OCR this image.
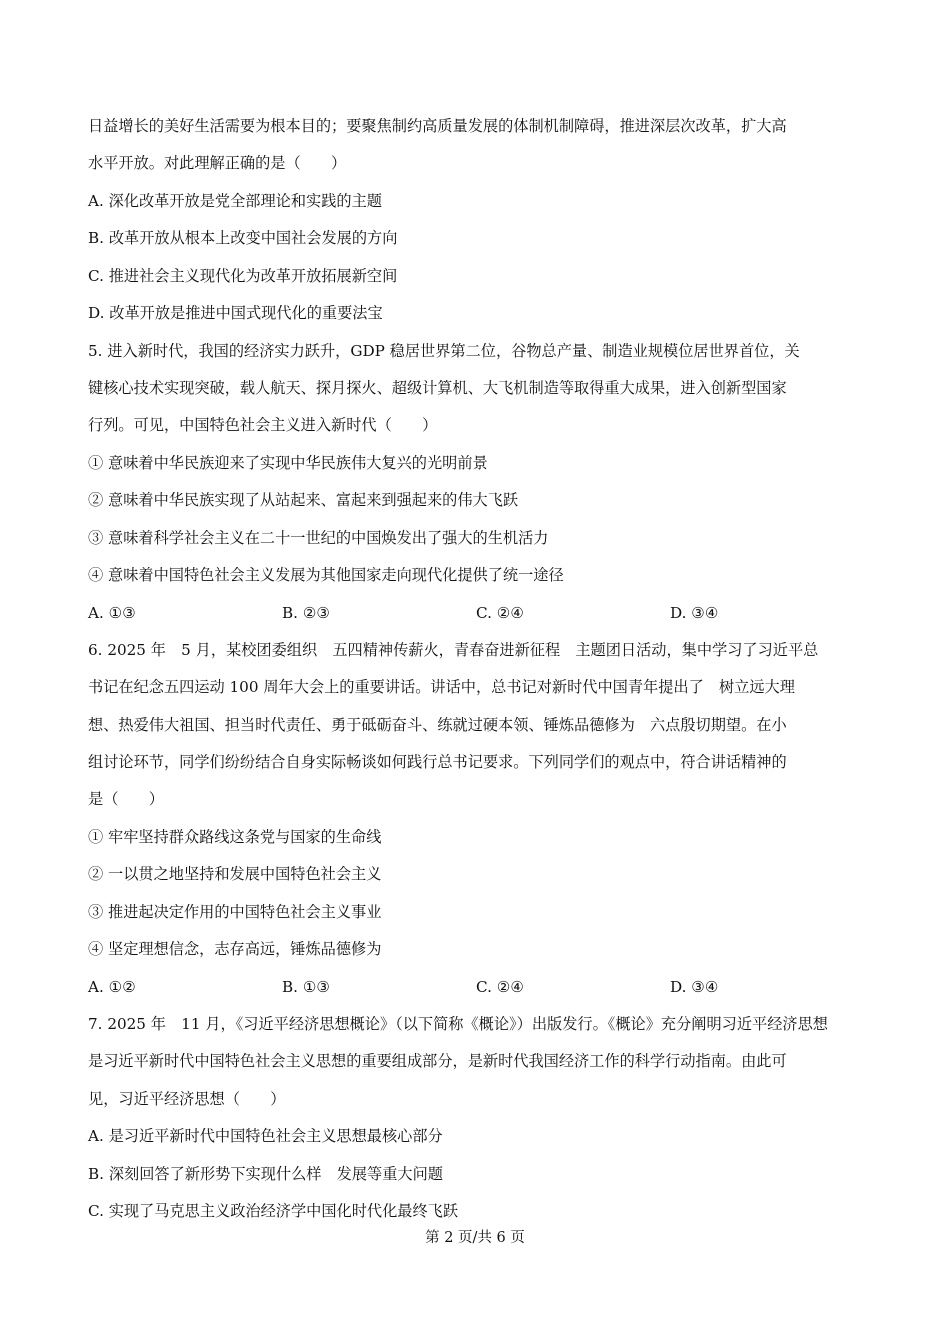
日益增长的美好生活需要为根本目的；要聚焦制约高质量发展的体制机制障碍，推进深层次改革，扩大高
水平开放。对此理解正确的是（　　）
A. 深化改革开放是党全部理论和实践的主题
B. 改革开放从根本上改变中国社会发展的方向
C. 推进社会主义现代化为改革开放拓展新空间
D. 改革开放是推进中国式现代化的重要法宝
5. 进入新时代，我国的经济实力跃升，GDP 稳居世界第二位，谷物总产量、制造业规模位居世界首位，关
键核心技术实现突破，载人航天、探月探火、超级计算机、大飞机制造等取得重大成果，进入创新型国家
行列。可见，中国特色社会主义进入新时代（　　）
① 意味着中华民族迎来了实现中华民族伟大复兴的光明前景
② 意味着中华民族实现了从站起来、富起来到强起来的伟大飞跃
③ 意味着科学社会主义在二十一世纪的中国焕发出了强大的生机活力
④ 意味着中国特色社会主义发展为其他国家走向现代化提供了统一途径
A. ①③	B. ②③	C. ②④	D. ③④
6. 2025 年　5 月，某校团委组织　五四精神传薪火，青春奋进新征程　主题团日活动，集中学习了习近平总
书记在纪念五四运动 100 周年大会上的重要讲话。讲话中，总书记对新时代中国青年提出了　树立远大理
想、热爱伟大祖国、担当时代责任、勇于砥砺奋斗、练就过硬本领、锤炼品德修为　六点殷切期望。在小
组讨论环节，同学们纷纷结合自身实际畅谈如何践行总书记要求。下列同学们的观点中，符合讲话精神的
是（　　）
① 牢牢坚持群众路线这条党与国家的生命线
② 一以贯之地坚持和发展中国特色社会主义
③ 推进起决定作用的中国特色社会主义事业
④ 坚定理想信念，志存高远，锤炼品德修为
A. ①②	B. ①③	C. ②④	D. ③④
7. 2025 年　11 月，《习近平经济思想概论》（以下简称《概论》）出版发行。《概论》充分阐明习近平经济思想
是习近平新时代中国特色社会主义思想的重要组成部分，是新时代我国经济工作的科学行动指南。由此可
见，习近平经济思想（　　）
A. 是习近平新时代中国特色社会主义思想最核心部分
B. 深刻回答了新形势下实现什么样　发展等重大问题
C. 实现了马克思主义政治经济学中国化时代化最终飞跃
第 2 页/共 6 页
